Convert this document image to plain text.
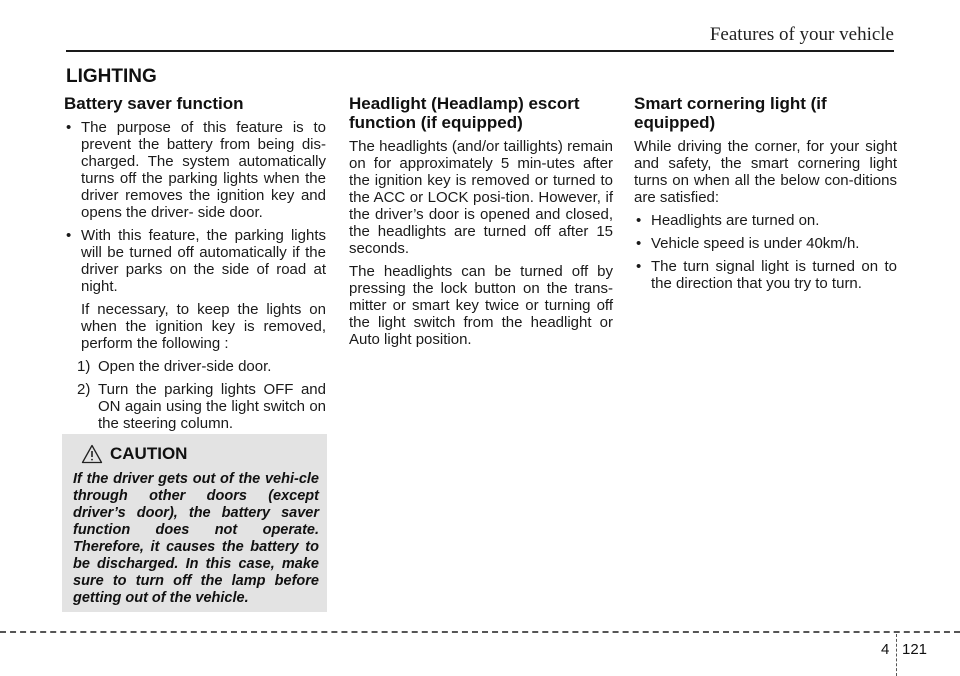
Features of your vehicle
LIGHTING
Battery saver function
• The purpose of this feature is to prevent the battery from being dis-charged. The system automatically turns off the parking lights when the driver removes the ignition key and opens the driver- side door.
• With this feature, the parking lights will be turned off automatically if the driver parks on the side of road at night.
If necessary, to keep the lights on when the ignition key is removed, perform the following :
1) Open the driver-side door.
2) Turn the parking lights OFF and ON again using the light switch on the steering column.
CAUTION
If the driver gets out of the vehi-cle through other doors (except driver’s door), the battery saver function does not operate. Therefore, it causes the battery to be discharged. In this case, make sure to turn off the lamp before getting out of the vehicle.
Headlight (Headlamp) escort function (if equipped)

The headlights (and/or taillights) remain on for approximately 5 min-utes after the ignition key is removed or turned to the ACC or LOCK posi-tion. However, if the driver’s door is opened and closed, the headlights are turned off after 15 seconds.

The headlights can be turned off by pressing the lock button on the trans-mitter or smart key twice or turning off the light switch from the headlight or Auto light position.

Smart cornering light (if equipped)

While driving the corner, for your sight and safety, the smart cornering light turns on when all the below con-ditions are satisfied:

• Headlights are turned on.
• Vehicle speed is under 40km/h.
• The turn signal light is turned on to the direction that you try to turn.
4 121
